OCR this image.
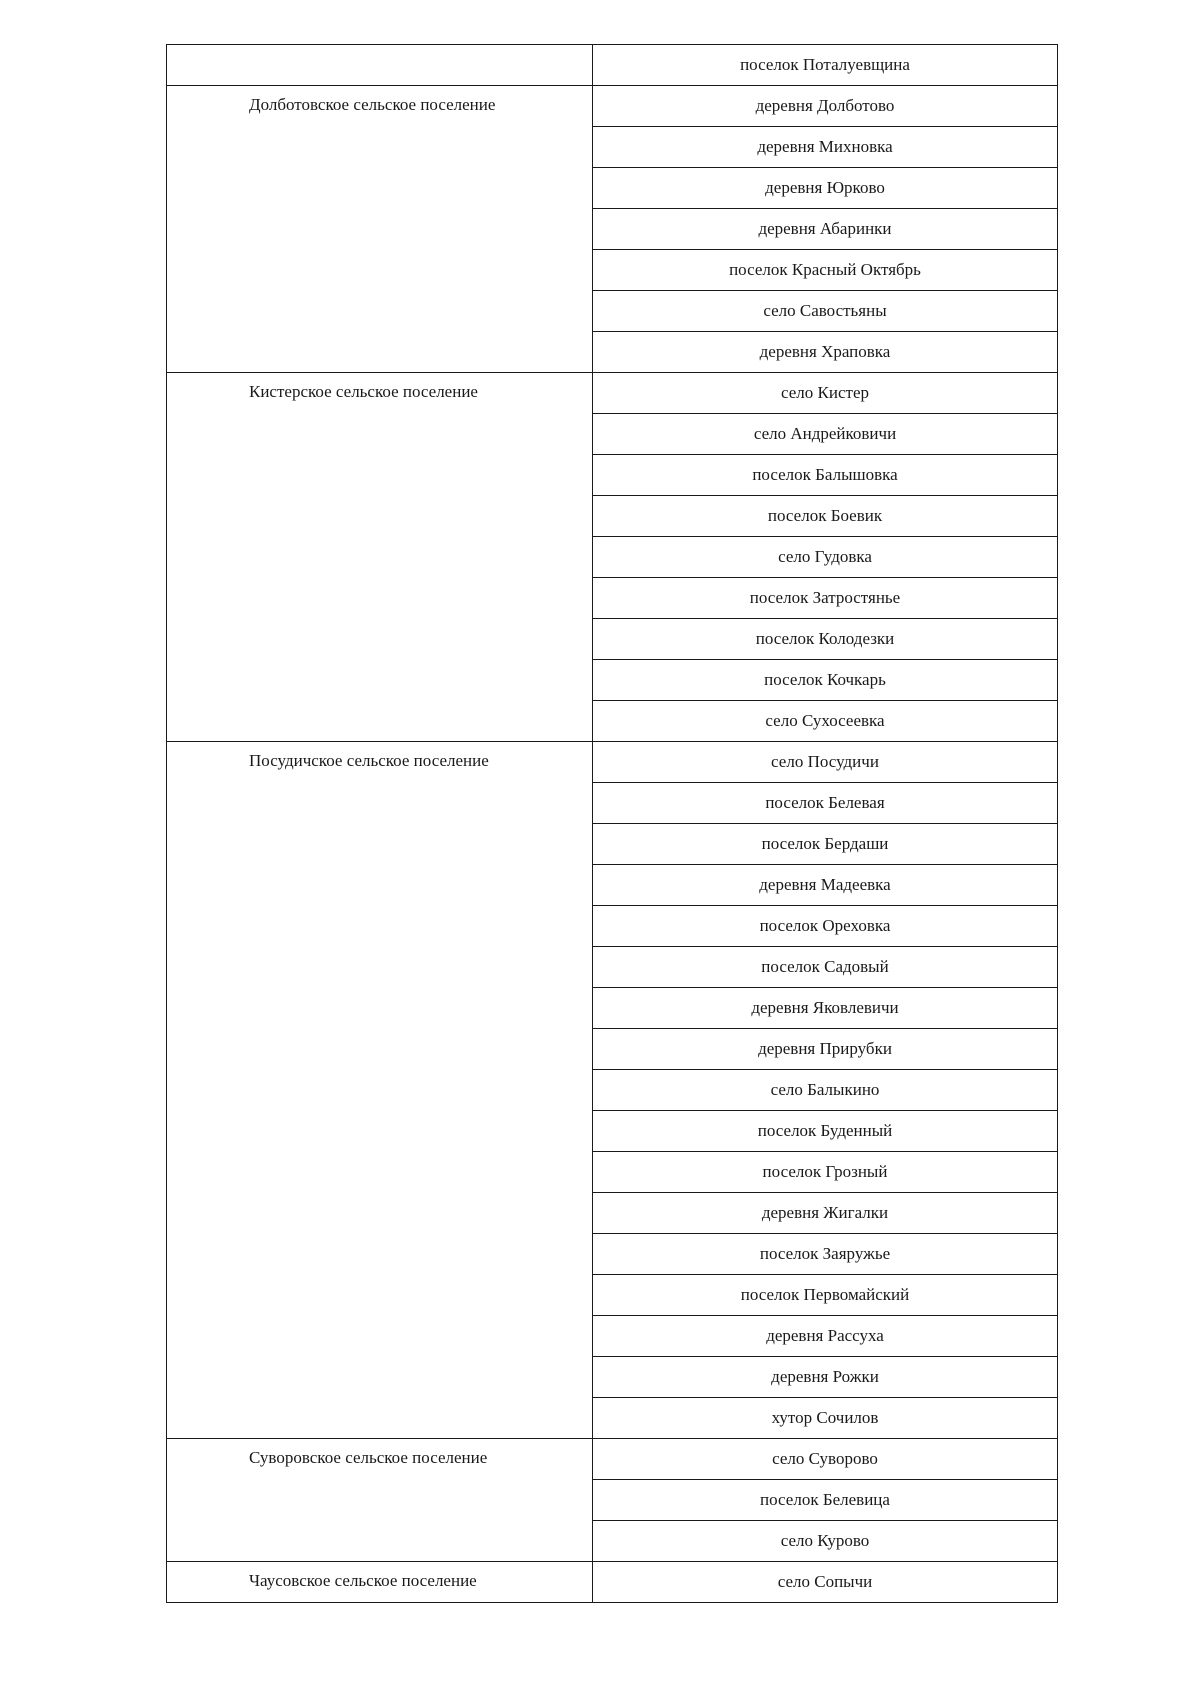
	поселок Поталуевщина

Долботовское сельское поселение	деревня Долботово
	деревня Михновка
	деревня Юрково
	деревня Абаринки
	поселок Красный Октябрь
	село Савостьяны
	деревня Храповка

Кистерское сельское поселение	село Кистер
	село Андрейковичи
	поселок Балышовка
	поселок Боевик
	село Гудовка
	поселок Затростянье
	поселок Колодезки
	поселок Кочкарь
	село Сухосеевка

Посудичское сельское поселение	село Посудичи
	поселок Белевая
	поселок Бердаши
	деревня Мадеевка
	поселок Ореховка
	поселок Садовый
	деревня Яковлевичи
	деревня Прирубки
	село Балыкино
	поселок Буденный
	поселок Грозный
	деревня Жигалки
	поселок Заяружье
	поселок Первомайский
	деревня Рассуха
	деревня Рожки
	хутор Сочилов

Суворовское сельское поселение	село Суворово
	поселок Белевица
	село Курово

Чаусовское сельское поселение	село Сопычи
